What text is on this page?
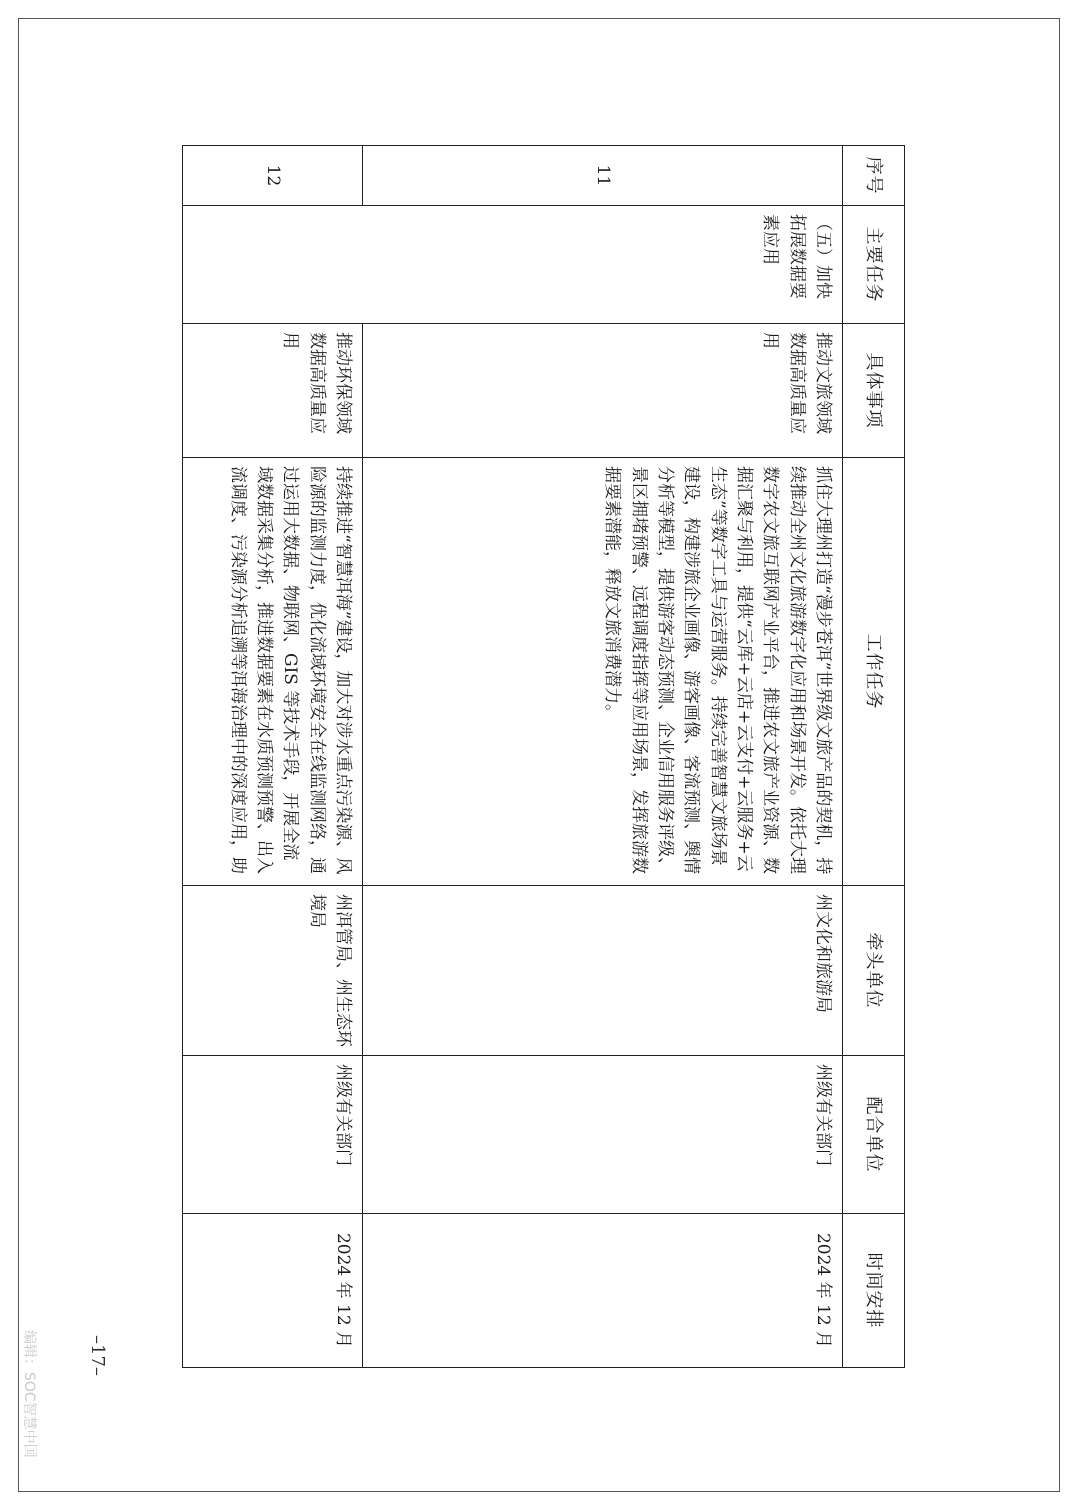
序号	主要任务	具体事项	工作任务	牵头单位	配合单位	时间安排
11	（五）加快拓展数据要素应用	推动文旅领域数据高质量应用	抓住大理州打造“漫步苍洱”世界级文旅产品的契机，持续推动全州文化旅游数字化应用和场景开发。依托大理数字农文旅互联网产业平台，推进农文旅产业资源、数据汇聚与利用，提供“云库+云店+云支付+云服务+云生态”等数字工具与运营服务。持续完善智慧文旅场景建设，构建涉旅企业画像、游客画像、客流预测、舆情分析等模型，提供游客动态预测、企业信用服务评级、景区拥堵预警、远程调度指挥等应用场景，发挥旅游数据要素潜能，释放文旅消费潜力。	州文化和旅游局	州级有关部门	2024 年 12 月
12		推动环保领域数据高质量应用	持续推进“智慧洱海”建设，加大对涉水重点污染源、风险源的监测力度，优化流域环境安全在线监测网络，通过运用大数据、物联网、GIS 等技术手段，开展全流域数据采集分析，推进数据要素在水质预测预警、出入流调度、污染源分析追溯等洱海治理中的深度应用，助	州洱管局、州生态环境局	州级有关部门	2024 年 12 月
–17–
编辑：SOC智慧中国
